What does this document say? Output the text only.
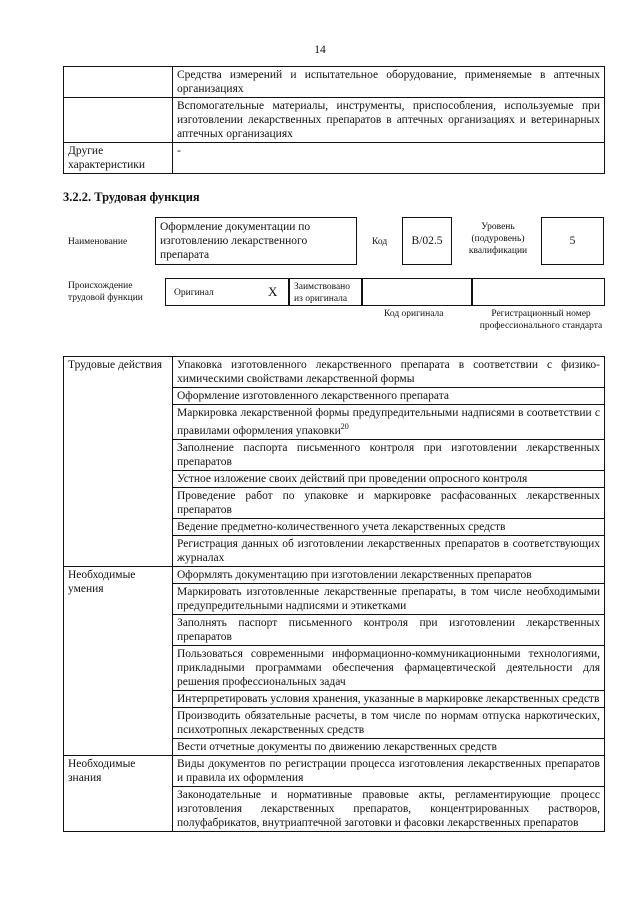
14
	Средства измерений и испытательное оборудование, применяемые в аптечных организациях
	Вспомогательные материалы, инструменты, приспособления, используемые при изготовлении лекарственных препаратов в аптечных организациях и ветеринарных аптечных организациях
Другие характеристики	-
3.2.2. Трудовая функция
Наименование
Оформление документации по изготовлению лекарственного препарата
Код	B/02.5
Уровень (подуровень) квалификации
5
Происхождение трудовой функции	Оригинал	X Заимствовано из оригинала
Код оригинала	Регистрационный номер профессионального стандарта
Трудовые действия	Упаковка изготовленного лекарственного препарата в соответствии с физико-химическими свойствами лекарственной формы
	Оформление изготовленного лекарственного препарата
	Маркировка лекарственной формы предупредительными надписями в соответствии с правилами оформления упаковки$^{20}$
	Заполнение паспорта письменного контроля при изготовлении лекарственных препаратов
	Устное изложение своих действий при проведении опросного контроля
	Проведение работ по упаковке и маркировке расфасованных лекарственных препаратов
	Ведение предметно-количественного учета лекарственных средств
	Регистрация данных об изготовлении лекарственных препаратов в соответствующих журналах
Необходимые умения	Оформлять документацию при изготовлении лекарственных препаратов
	Маркировать изготовленные лекарственные препараты, в том числе необходимыми предупредительными надписями и этикетками
	Заполнять паспорт письменного контроля при изготовлении лекарственных препаратов
	Пользоваться современными информационно-коммуникационными технологиями, прикладными программами обеспечения фармацевтической деятельности для решения профессиональных задач
	Интерпретировать условия хранения, указанные в маркировке лекарственных средств
	Производить обязательные расчеты, в том числе по нормам отпуска наркотических, психотропных лекарственных средств
	Вести отчетные документы по движению лекарственных средств
Необходимые знания	Виды документов по регистрации процесса изготовления лекарственных препаратов и правила их оформления
	Законодательные и нормативные правовые акты, регламентирующие процесс изготовления лекарственных препаратов, концентрированных растворов, полуфабрикатов, внутриаптечной заготовки и фасовки лекарственных препаратов
